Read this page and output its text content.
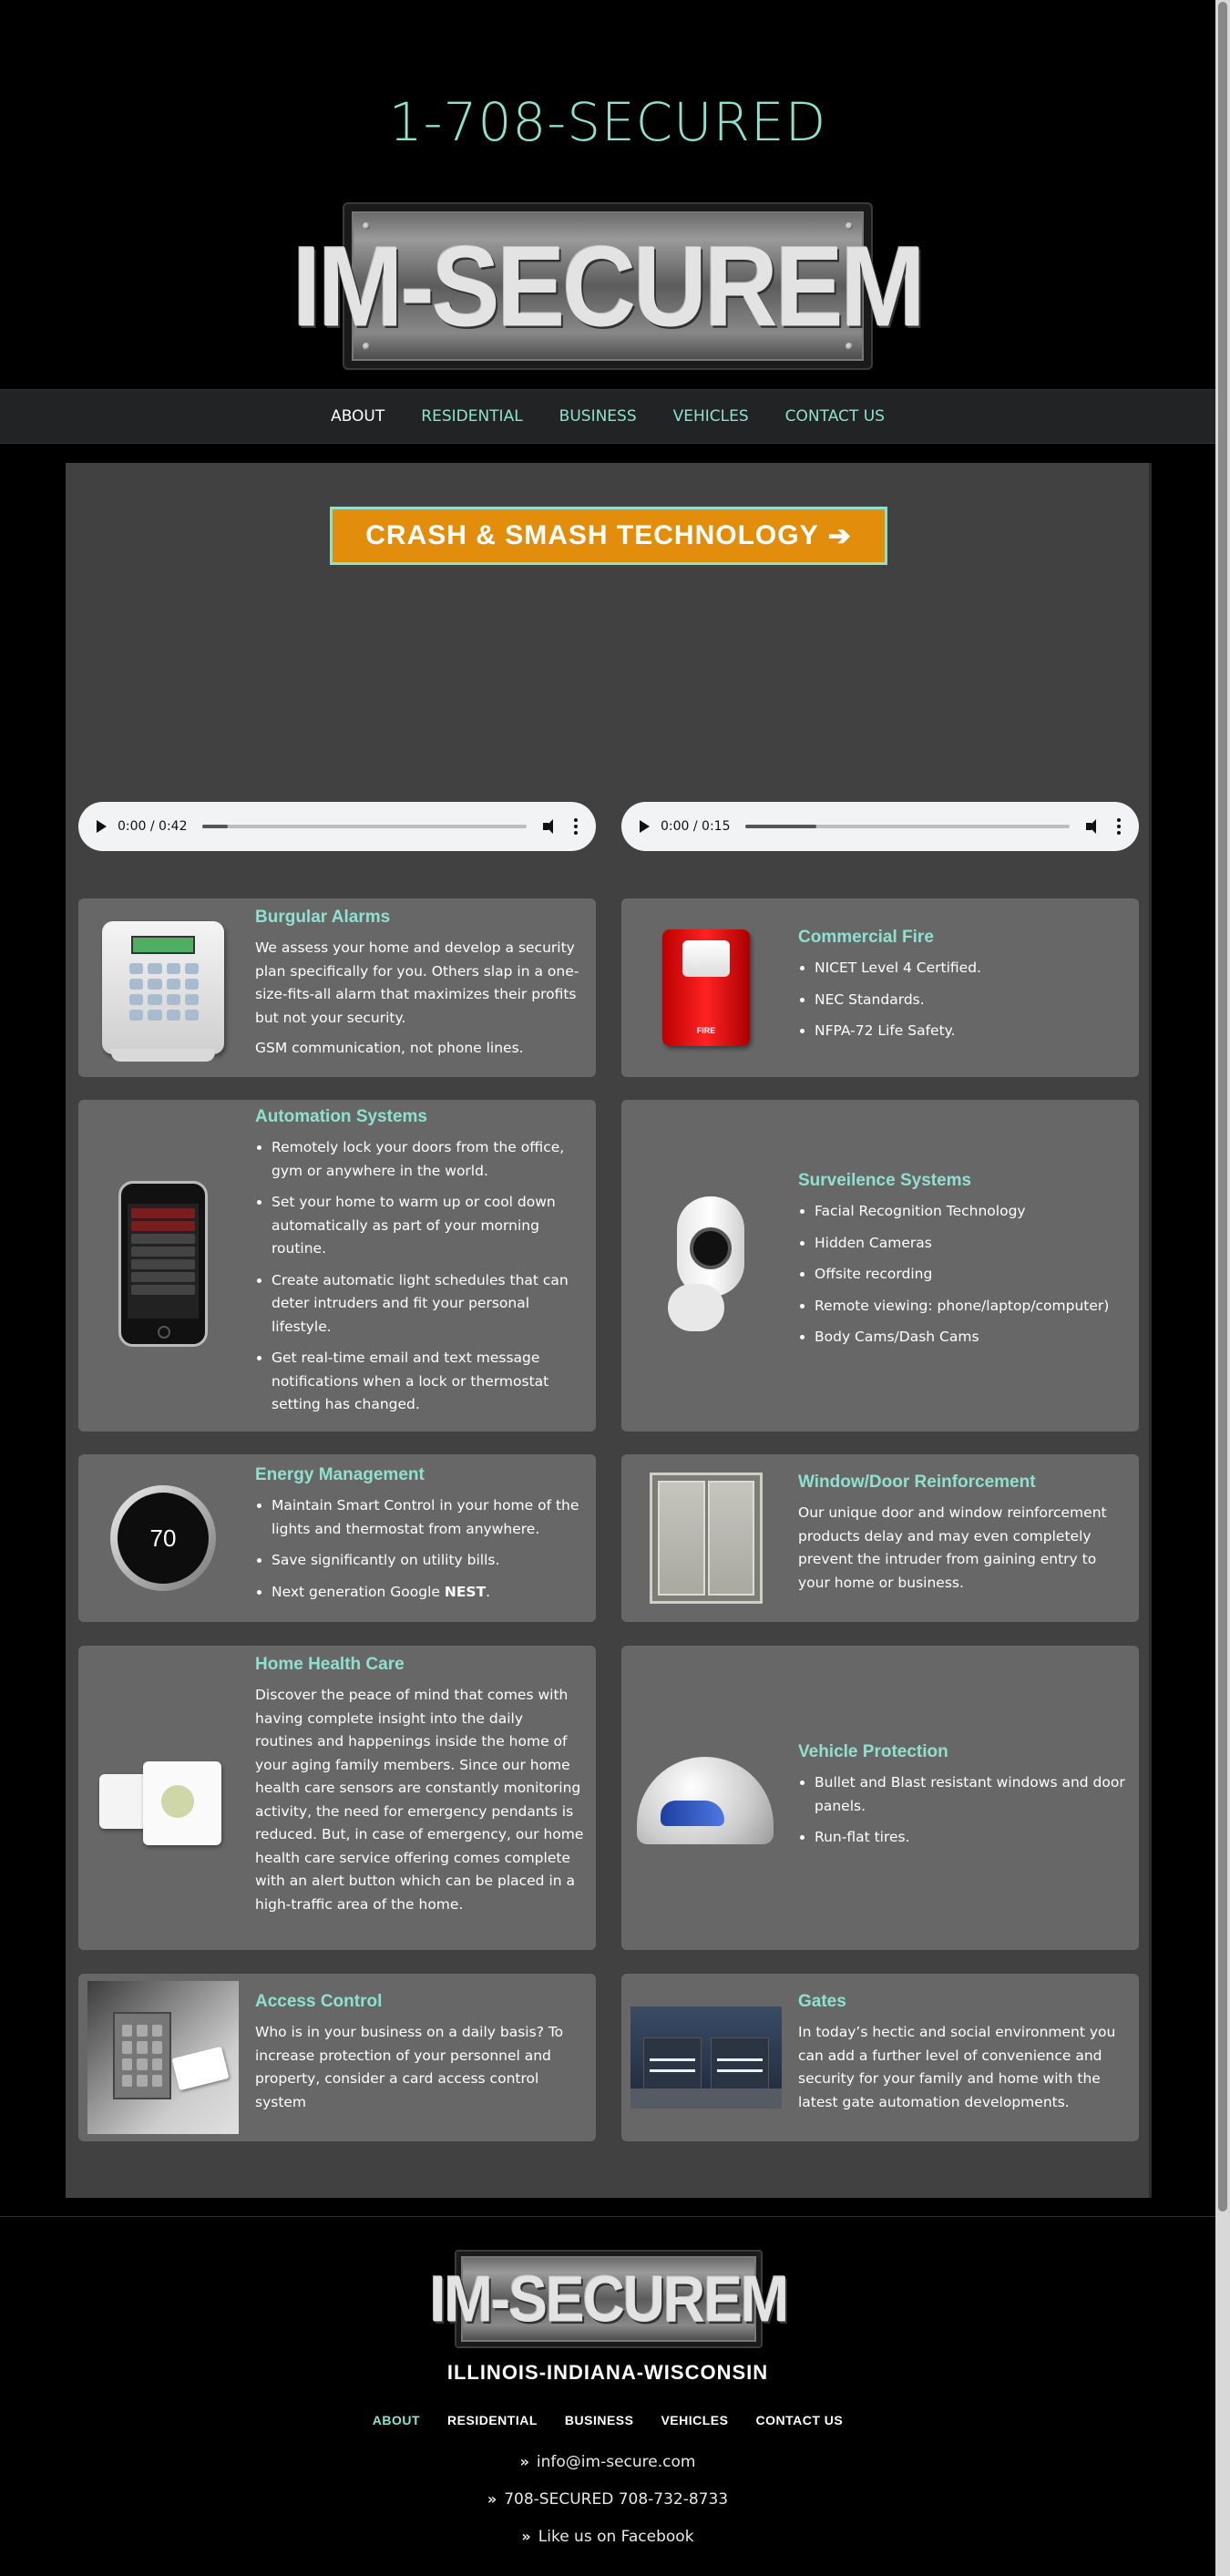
1-708-SECURED
IM-SECUREM
ABOUT RESIDENTIAL BUSINESS VEHICLES CONTACT US
CRASH & SMASH TECHNOLOGY ➔
0:00 / 0:42	0:00 / 0:15
Burgular Alarms

We assess your home and develop a security plan specifically for you. Others slap in a one-size-fits-all alarm that maximizes their profits but not your security.

GSM communication, not phone lines.

FIRE
Commercial Fire
• NICET Level 4 Certified.
• NEC Standards.
• NFPA-72 Life Safety.
Automation Systems
• Remotely lock your doors from the office, gym or anywhere in the world.
• Set your home to warm up or cool down automatically as part of your morning routine.
• Create automatic light schedules that can deter intruders and fit your personal lifestyle.
• Get real-time email and text message notifications when a lock or thermostat setting has changed.
Surveilence Systems
• Facial Recognition Technology
• Hidden Cameras
• Offsite recording
• Remote viewing: phone/laptop/computer)
• Body Cams/Dash Cams
70
Energy Management
• Maintain Smart Control in your home of the lights and thermostat from anywhere.
• Save significantly on utility bills.
• Next generation Google NEST.
Window/Door Reinforcement

Our unique door and window reinforcement products delay and may even completely prevent the intruder from gaining entry to your home or business.

Home Health Care

Discover the peace of mind that comes with having complete insight into the daily routines and happenings inside the home of your aging family members. Since our home health care sensors are constantly monitoring activity, the need for emergency pendants is reduced. But, in case of emergency, our home health care service offering comes complete with an alert button which can be placed in a high-traffic area of the home.

Vehicle Protection
• Bullet and Blast resistant windows and door panels.
• Run-flat tires.
Access Control

Who is in your business on a daily basis? To increase protection of your personnel and property, consider a card access control system

Gates

In today’s hectic and social environment you can add a further level of convenience and security for your family and home with the latest gate automation developments.

IM-SECUREM
ILLINOIS-INDIANA-WISCONSIN
ABOUT RESIDENTIAL BUSINESS VEHICLES CONTACT US
» info@im-secure.com
» 708-SECURED 708-732-8733
» Like us on Facebook
